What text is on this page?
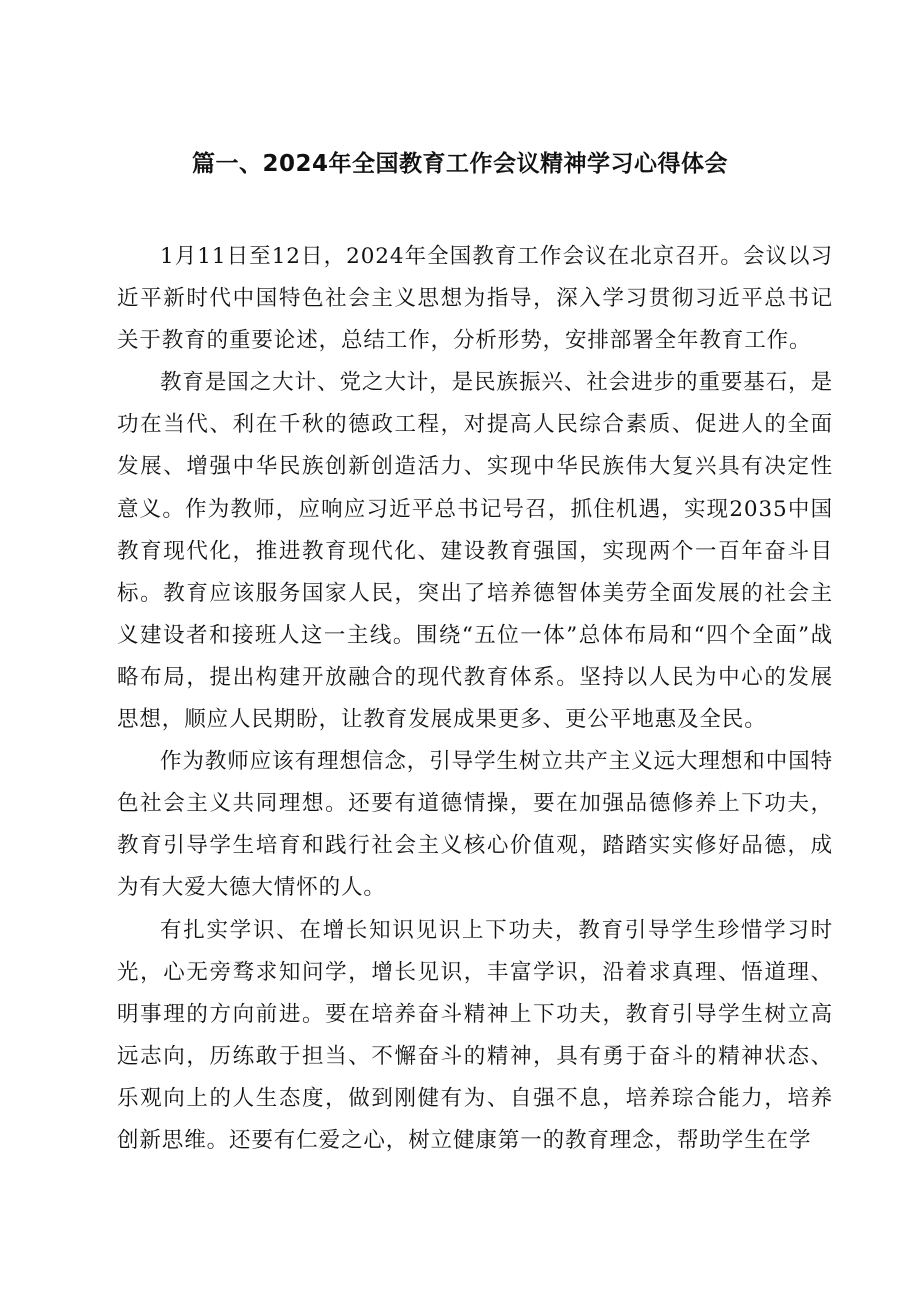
篇一、2024年全国教育工作会议精神学习心得体会

1月11日至12日，2024年全国教育工作会议在北京召开。会议以习近平新时代中国特色社会主义思想为指导，深入学习贯彻习近平总书记关于教育的重要论述，总结工作，分析形势，安排部署全年教育工作。

教育是国之大计、党之大计，是民族振兴、社会进步的重要基石，是功在当代、利在千秋的德政工程，对提高人民综合素质、促进人的全面发展、增强中华民族创新创造活力、实现中华民族伟大复兴具有决定性意义。作为教师，应响应习近平总书记号召，抓住机遇，实现2035中国教育现代化，推进教育现代化、建设教育强国，实现两个一百年奋斗目标。教育应该服务国家人民，突出了培养德智体美劳全面发展的社会主义建设者和接班人这一主线。围绕“五位一体”总体布局和“四个全面”战略布局，提出构建开放融合的现代教育体系。坚持以人民为中心的发展思想，顺应人民期盼，让教育发展成果更多、更公平地惠及全民。

作为教师应该有理想信念，引导学生树立共产主义远大理想和中国特色社会主义共同理想。还要有道德情操，要在加强品德修养上下功夫，教育引导学生培育和践行社会主义核心价值观，踏踏实实修好品德，成为有大爱大德大情怀的人。

有扎实学识、在增长知识见识上下功夫，教育引导学生珍惜学习时光，心无旁骛求知问学，增长见识，丰富学识，沿着求真理、悟道理、明事理的方向前进。要在培养奋斗精神上下功夫，教育引导学生树立高远志向，历练敢于担当、不懈奋斗的精神，具有勇于奋斗的精神状态、乐观向上的人生态度，做到刚健有为、自强不息，培养琮合能力，培养创新思维。还要有仁爱之心，树立健康第一的教育理念，帮助学生在学
